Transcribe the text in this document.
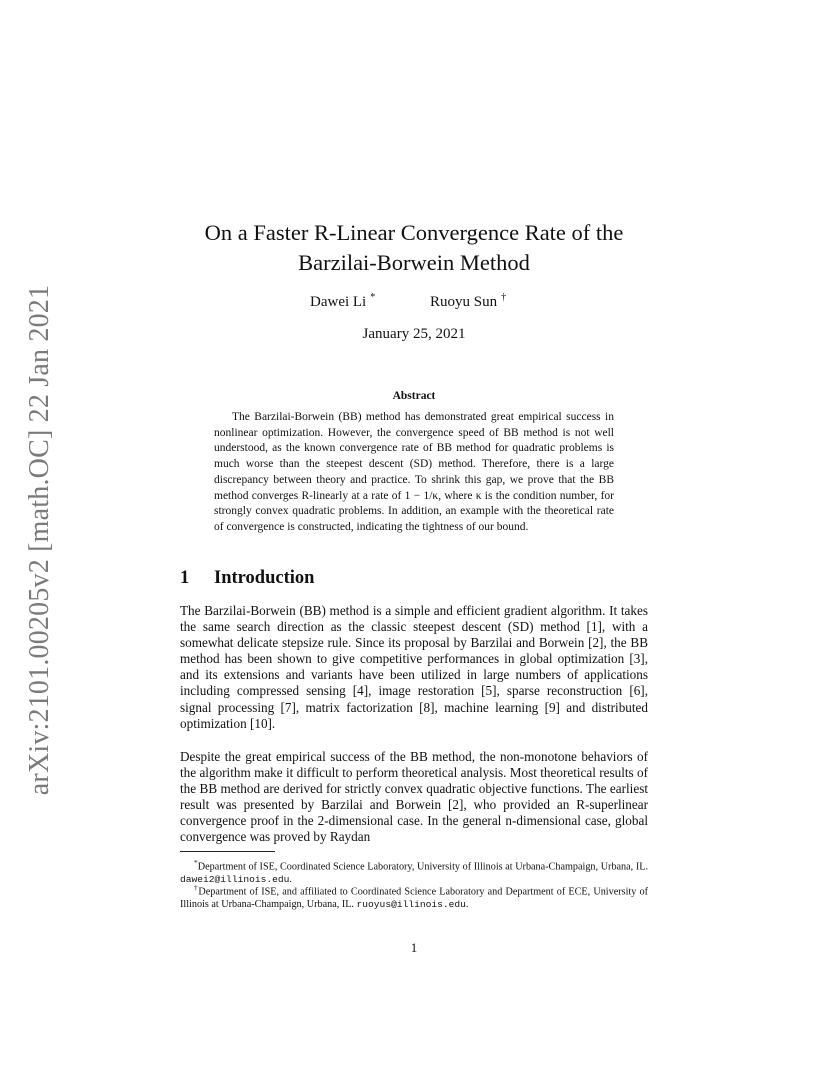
arXiv:2101.00205v2 [math.OC] 22 Jan 2021
On a Faster R-Linear Convergence Rate of the
Barzilai-Borwein Method
Dawei Li *	Ruoyu Sun †
January 25, 2021
Abstract

The Barzilai-Borwein (BB) method has demonstrated great empirical success in nonlinear optimization. However, the convergence speed of BB method is not well understood, as the known convergence rate of BB method for quadratic problems is much worse than the steepest descent (SD) method. Therefore, there is a large discrepancy between theory and practice. To shrink this gap, we prove that the BB method converges R-linearly at a rate of 1 − 1/κ, where κ is the condition number, for strongly convex quadratic problems. In addition, an example with the theoretical rate of convergence is constructed, indicating the tightness of our bound.

1 Introduction

The Barzilai-Borwein (BB) method is a simple and efficient gradient algorithm. It takes the same search direction as the classic steepest descent (SD) method [1], with a somewhat delicate stepsize rule. Since its proposal by Barzilai and Borwein [2], the BB method has been shown to give competitive performances in global optimization [3], and its extensions and variants have been utilized in large numbers of applications including compressed sensing [4], image restoration [5], sparse reconstruction [6], signal processing [7], matrix factorization [8], machine learning [9] and distributed optimization [10].

Despite the great empirical success of the BB method, the non-monotone behaviors of the algorithm make it difficult to perform theoretical analysis. Most theoretical results of the BB method are derived for strictly convex quadratic objective functions. The earliest result was presented by Barzilai and Borwein [2], who provided an R-superlinear convergence proof in the 2-dimensional case. In the general n-dimensional case, global convergence was proved by Raydan

*Department of ISE, Coordinated Science Laboratory, University of Illinois at Urbana-Champaign, Urbana, IL. dawei2@illinois.edu.

†Department of ISE, and affiliated to Coordinated Science Laboratory and Department of ECE, University of Illinois at Urbana-Champaign, Urbana, IL. ruoyus@illinois.edu.

1
